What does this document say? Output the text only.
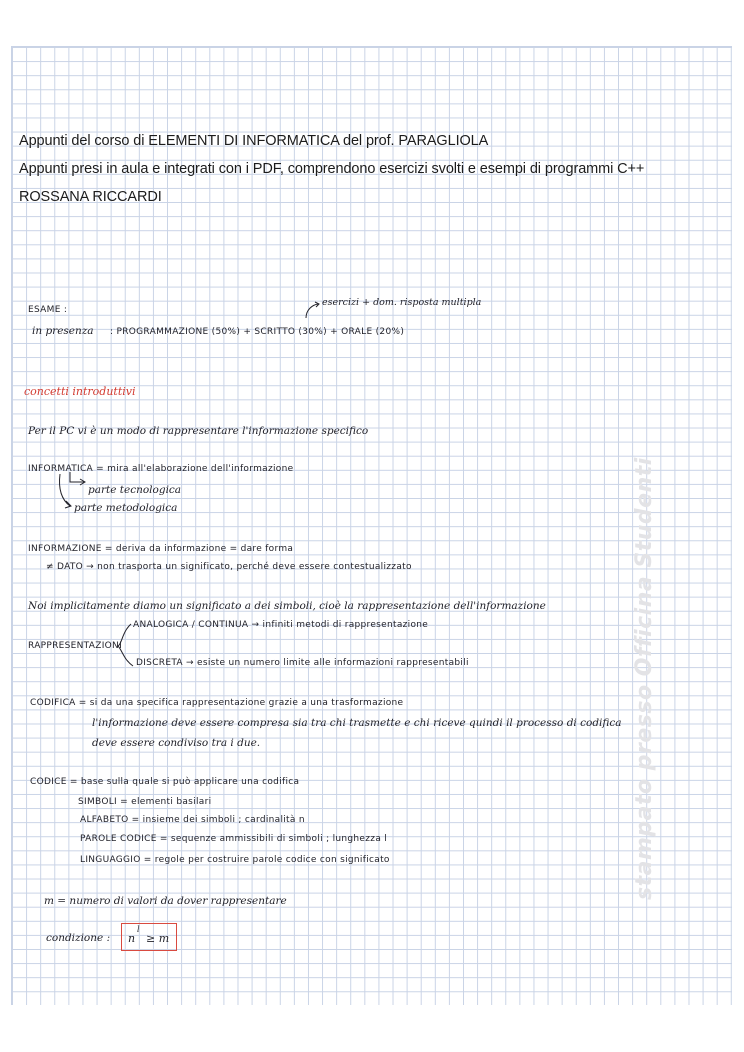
Appunti del corso di ELEMENTI DI INFORMATICA del prof. PARAGLIOLA
Appunti presi in aula e integrati con i PDF, comprendono esercizi svolti e esempi di programmi C++
ROSSANA RICCARDI
ESAME :
esercizi + dom. risposta multipla
in presenza : PROGRAMMAZIONE (50%) + SCRITTO (30%) + ORALE (20%)
concetti introduttivi
Per il PC vi è un modo di rappresentare l'informazione specifico
INFORMATICA = mira all'elaborazione dell'informazione
parte tecnologica
parte metodologica
INFORMAZIONE = deriva da informazione = dare forma
≠ DATO → non trasporta un significato, perché deve essere contestualizzato
Noi implicitamente diamo un significato a dei simboli, cioè la rappresentazione dell'informazione
ANALOGICA / CONTINUA → infiniti metodi di rappresentazione
RAPPRESENTAZIONI
DISCRETA → esiste un numero limite alle informazioni rappresentabili
CODIFICA = si da una specifica rappresentazione grazie a una trasformazione
l'informazione deve essere compresa sia tra chi trasmette e chi riceve quindi il processo di codifica
deve essere condiviso tra i due.
CODICE = base sulla quale si può applicare una codifica
SIMBOLI = elementi basilari
ALFABETO = insieme dei simboli ; cardinalità n
PAROLE CODICE = sequenze ammissibili di simboli ; lunghezza l
LINGUAGGIO = regole per costruire parole codice con significato
m = numero di valori da dover rappresentare
condizione : n
l
≥ m
stampato presso Officina Studenti
